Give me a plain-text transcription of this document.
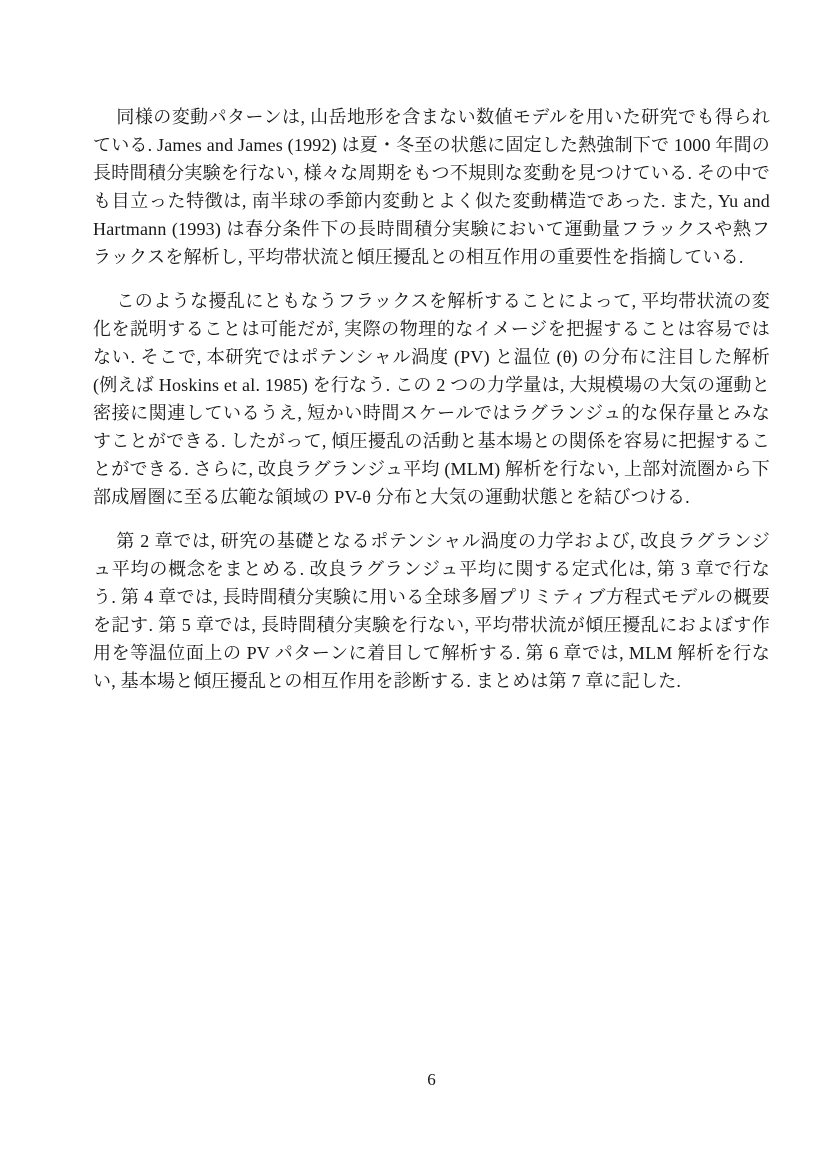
同様の変動パターンは, 山岳地形を含まない数値モデルを用いた研究でも得られている. James and James (1992) は夏・冬至の状態に固定した熱強制下で 1000 年間の長時間積分実験を行ない, 様々な周期をもつ不規則な変動を見つけている. その中でも目立った特徴は, 南半球の季節内変動とよく似た変動構造であった. また, Yu and Hartmann (1993) は春分条件下の長時間積分実験において運動量フラックスや熱フラックスを解析し, 平均帯状流と傾圧擾乱との相互作用の重要性を指摘している.

このような擾乱にともなうフラックスを解析することによって, 平均帯状流の変化を説明することは可能だが, 実際の物理的なイメージを把握することは容易ではない. そこで, 本研究ではポテンシャル渦度 (PV) と温位 (θ) の分布に注目した解析 (例えば Hoskins et al. 1985) を行なう. この 2 つの力学量は, 大規模場の大気の運動と密接に関連しているうえ, 短かい時間スケールではラグランジュ的な保存量とみなすことができる. したがって, 傾圧擾乱の活動と基本場との関係を容易に把握することができる. さらに, 改良ラグランジュ平均 (MLM) 解析を行ない, 上部対流圏から下部成層圏に至る広範な領域の PV-θ 分布と大気の運動状態とを結びつける.

第 2 章では, 研究の基礎となるポテンシャル渦度の力学および, 改良ラグランジュ平均の概念をまとめる. 改良ラグランジュ平均に関する定式化は, 第 3 章で行なう. 第 4 章では, 長時間積分実験に用いる全球多層プリミティブ方程式モデルの概要を記す. 第 5 章では, 長時間積分実験を行ない, 平均帯状流が傾圧擾乱におよぼす作用を等温位面上の PV パターンに着目して解析する. 第 6 章では, MLM 解析を行ない, 基本場と傾圧擾乱との相互作用を診断する. まとめは第 7 章に記した.

6
